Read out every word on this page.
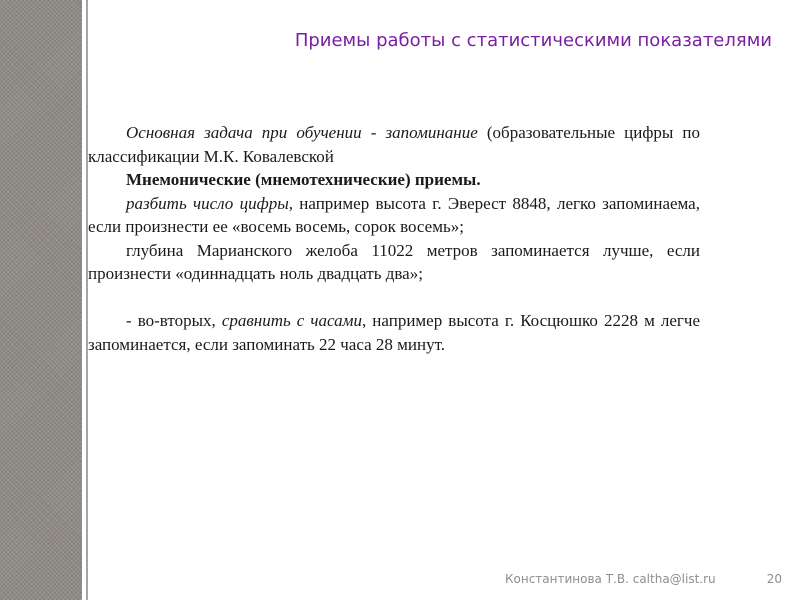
Приемы работы с статистическими показателями

Основная задача при обучении - запоминание (образовательные цифры по классификации М.К. Ковалевской

Мнемонические (мнемотехнические) приемы.

разбить число цифры, например высота г. Эверест 8848, легко запоминаема, если произнести ее «восемь восемь, сорок восемь»;

глубина Марианского желоба 11022 метров запоминается лучше, если произнести «одиннадцать ноль двадцать два»;

- во-вторых, сравнить с часами, например высота г. Косцюшко 2228 м легче запоминается, если запоминать 22 часа 28 минут.

Константинова Т.В. caltha@list.ru	20
